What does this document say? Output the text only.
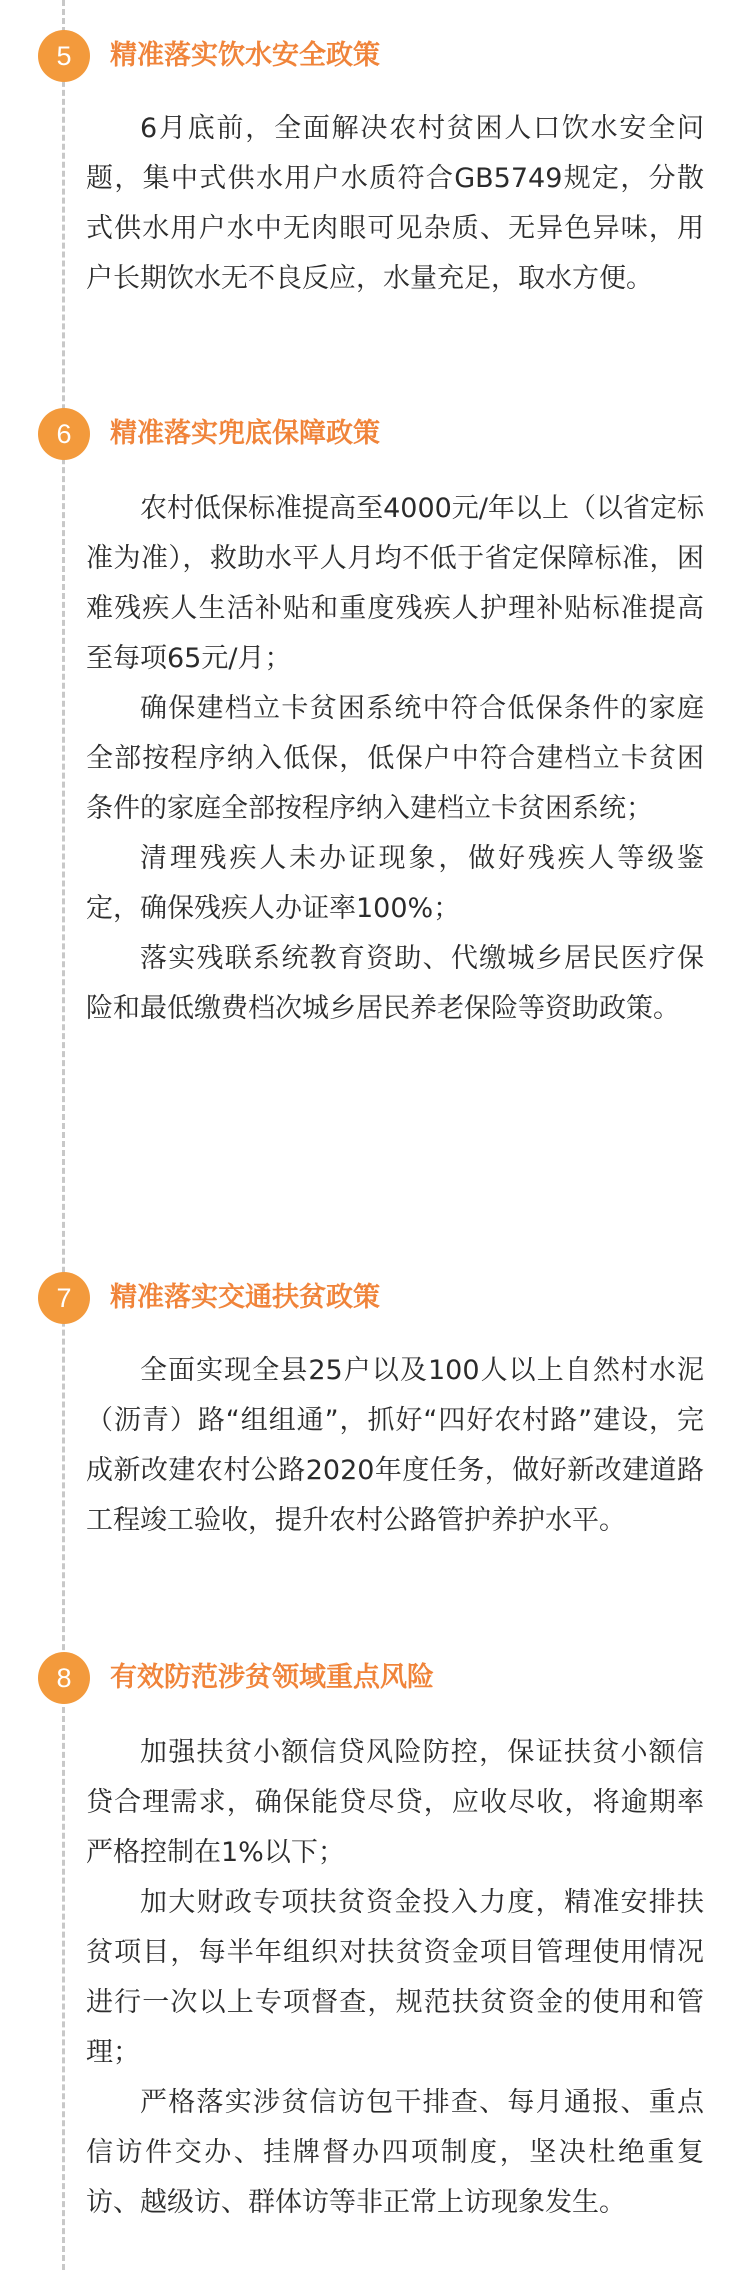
5	精准落实饮水安全政策

6月底前，全面解决农村贫困人口饮水安全问题，集中式供水用户水质符合GB5749规定，分散式供水用户水中无肉眼可见杂质、无异色异味，用户长期饮水无不良反应，水量充足，取水方便。

6	精准落实兜底保障政策

农村低保标准提高至4000元/年以上（以省定标准为准），救助水平人月均不低于省定保障标准，困难残疾人生活补贴和重度残疾人护理补贴标准提高至每项65元/月；

确保建档立卡贫困系统中符合低保条件的家庭全部按程序纳入低保，低保户中符合建档立卡贫困条件的家庭全部按程序纳入建档立卡贫困系统；

清理残疾人未办证现象，做好残疾人等级鉴定，确保残疾人办证率100%；

落实残联系统教育资助、代缴城乡居民医疗保险和最低缴费档次城乡居民养老保险等资助政策。

7	精准落实交通扶贫政策

全面实现全县25户以及100人以上自然村水泥（沥青）路“组组通”，抓好“四好农村路”建设，完成新改建农村公路2020年度任务，做好新改建道路工程竣工验收，提升农村公路管护养护水平。

8	有效防范涉贫领域重点风险

加强扶贫小额信贷风险防控，保证扶贫小额信贷合理需求，确保能贷尽贷，应收尽收，将逾期率严格控制在1%以下；

加大财政专项扶贫资金投入力度，精准安排扶贫项目，每半年组织对扶贫资金项目管理使用情况进行一次以上专项督查，规范扶贫资金的使用和管理；

严格落实涉贫信访包干排查、每月通报、重点信访件交办、挂牌督办四项制度，坚决杜绝重复访、越级访、群体访等非正常上访现象发生。
